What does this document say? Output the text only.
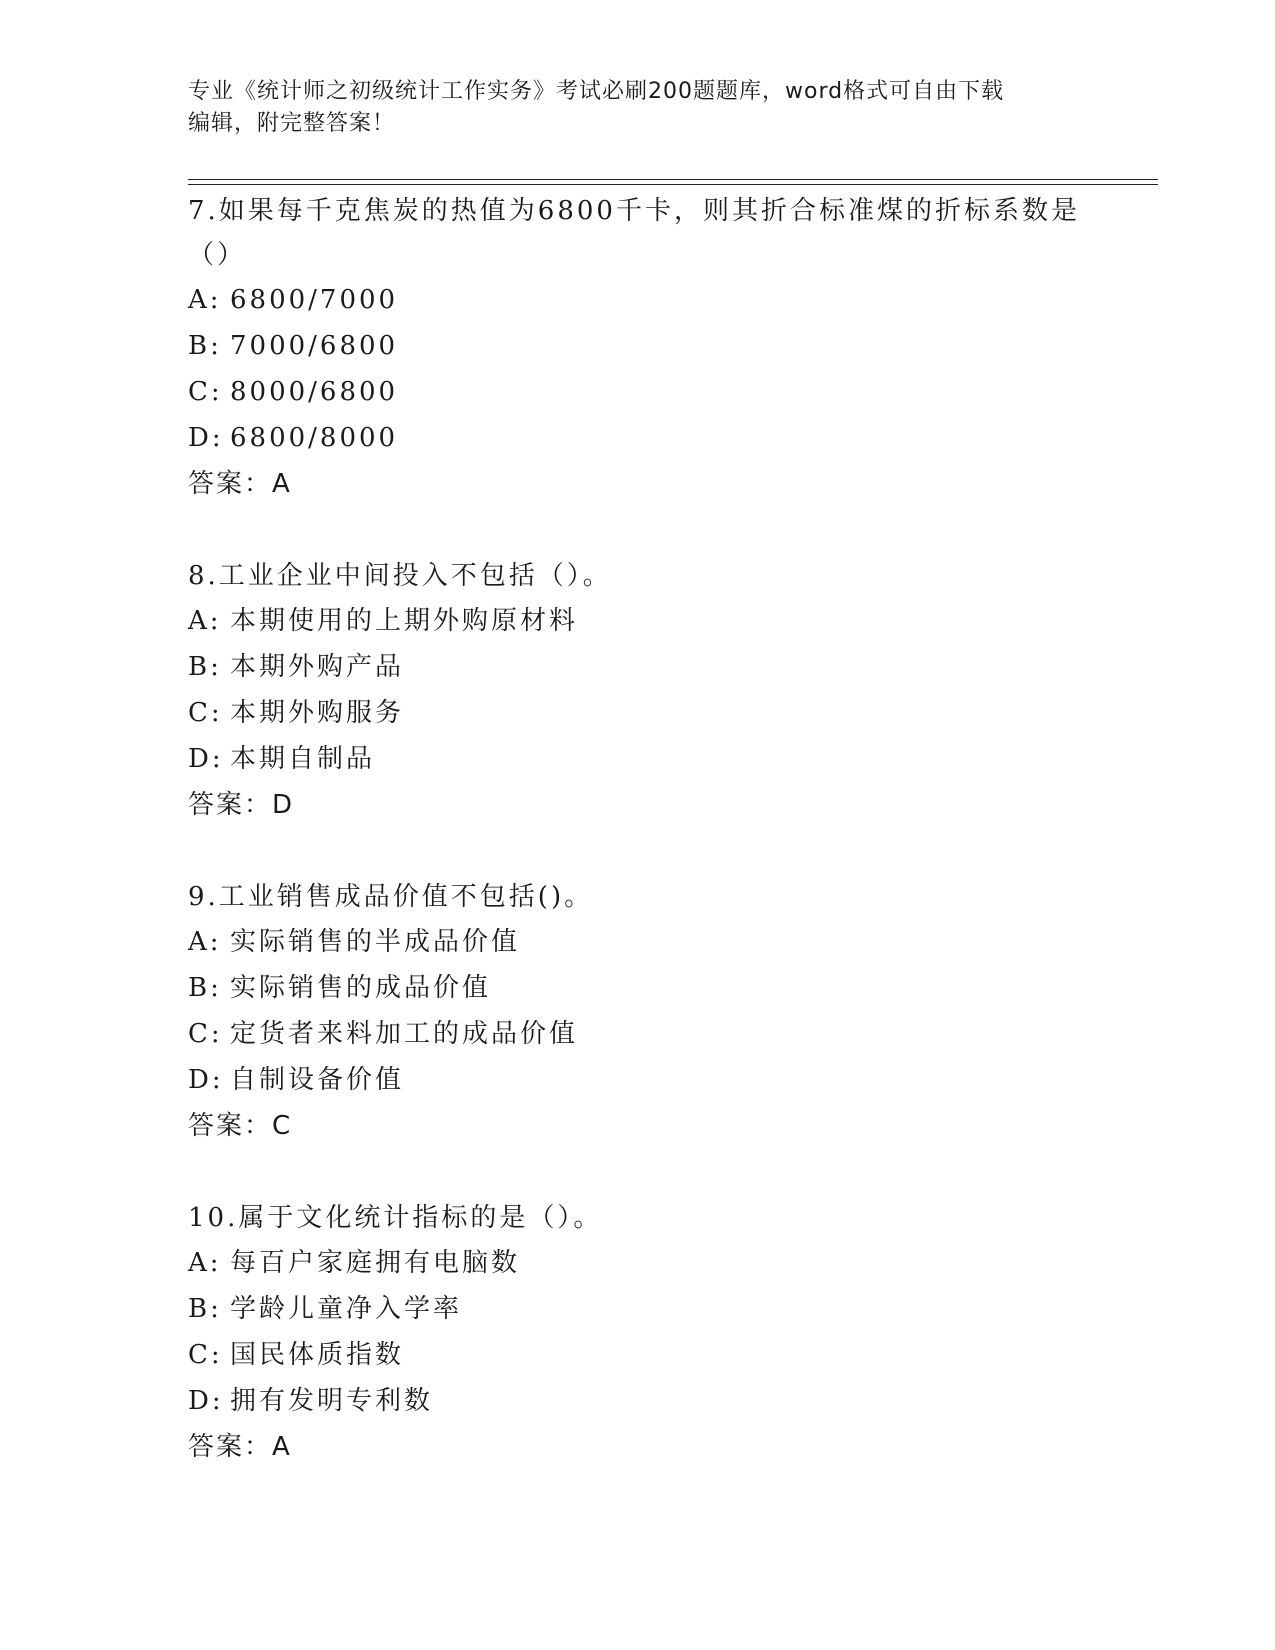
专业《统计师之初级统计工作实务》考试必刷200题题库，word格式可自由下载
编辑，附完整答案！

7.如果每千克焦炭的热值为6800千卡，则其折合标准煤的折标系数是（）

A: 6800/7000
B: 7000/6800
C: 8000/6800
D: 6800/8000
答案：A

8.工业企业中间投入不包括（）。

A: 本期使用的上期外购原材料
B: 本期外购产品
C: 本期外购服务
D: 本期自制品
答案：D

9.工业销售成品价值不包括()。

A: 实际销售的半成品价值
B: 实际销售的成品价值
C: 定货者来料加工的成品价值
D: 自制设备价值
答案：C

10.属于文化统计指标的是（）。

A: 每百户家庭拥有电脑数
B: 学龄儿童净入学率
C: 国民体质指数
D: 拥有发明专利数
答案：A
